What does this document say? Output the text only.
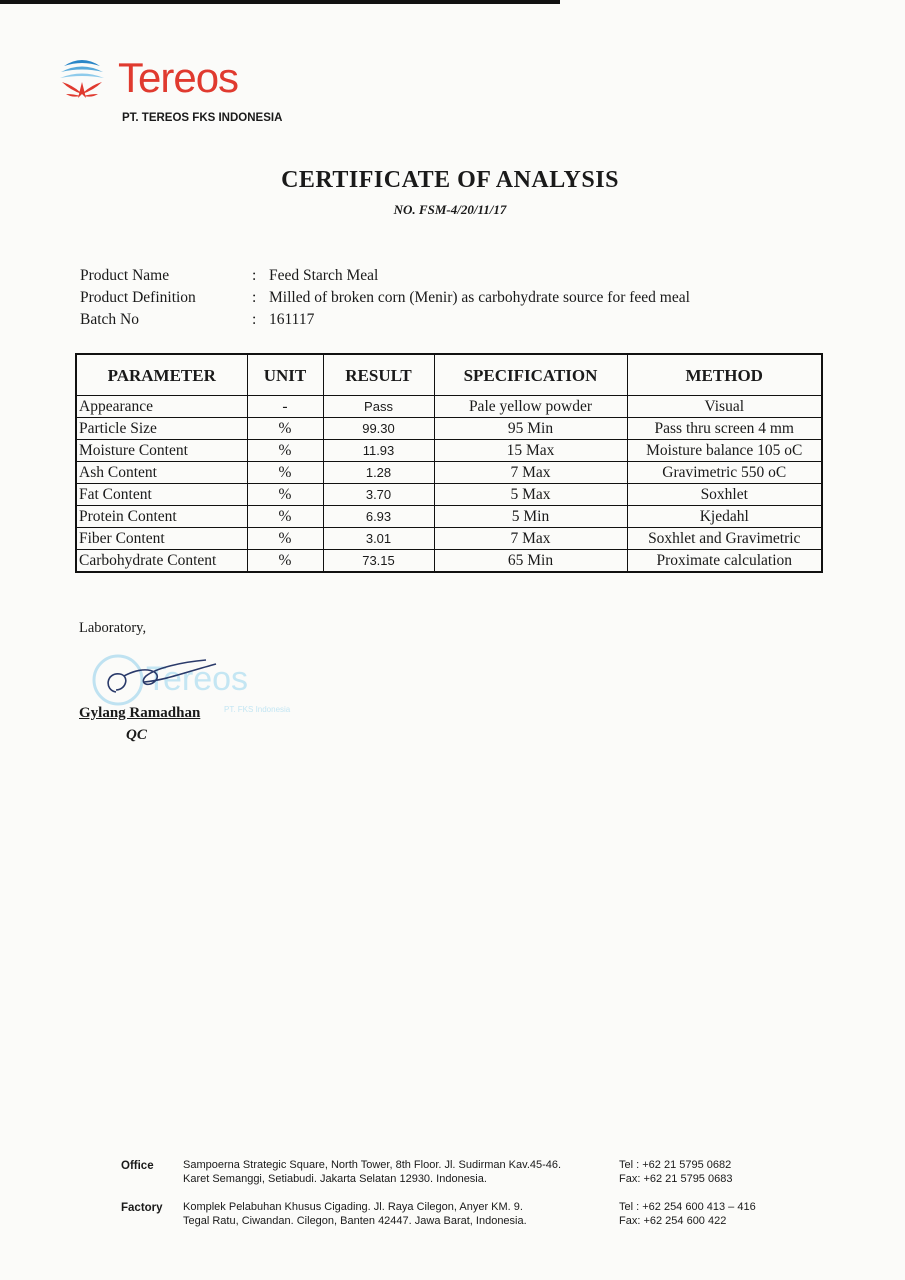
Tereos
PT. TEREOS FKS INDONESIA
CERTIFICATE OF ANALYSIS
NO. FSM-4/20/11/17
Product Name	: Feed Starch Meal
Product Definition	: Milled of broken corn (Menir) as carbohydrate source for feed meal
Batch No	: 161117
PARAMETER	UNIT	RESULT	SPECIFICATION	METHOD
Appearance	-	Pass	Pale yellow powder	Visual
Particle Size	%	99.30	95 Min	Pass thru screen 4 mm
Moisture Content	%	11.93	15 Max	Moisture balance 105 oC
Ash Content	%	1.28	7 Max	Gravimetric 550 oC
Fat Content	%	3.70	5 Max	Soxhlet
Protein Content	%	6.93	5 Min	Kjedahl
Fiber Content	%	3.01	7 Max	Soxhlet and Gravimetric
Carbohydrate Content	%	73.15	65 Min	Proximate calculation
Laboratory,
Tereos
PT. FKS Indonesia
Gylang Ramadhan
QC
Office	Sampoerna Strategic Square, North Tower, 8th Floor. Jl. Sudirman Kav.45-46.
Karet Semanggi, Setiabudi. Jakarta Selatan 12930. Indonesia.
Tel : +62 21 5795 0682
Fax: +62 21 5795 0683
Factory Komplek Pelabuhan Khusus Cigading. Jl. Raya Cilegon, Anyer KM. 9.
Tegal Ratu, Ciwandan. Cilegon, Banten 42447. Jawa Barat, Indonesia.
Tel : +62 254 600 413 – 416
Fax: +62 254 600 422
